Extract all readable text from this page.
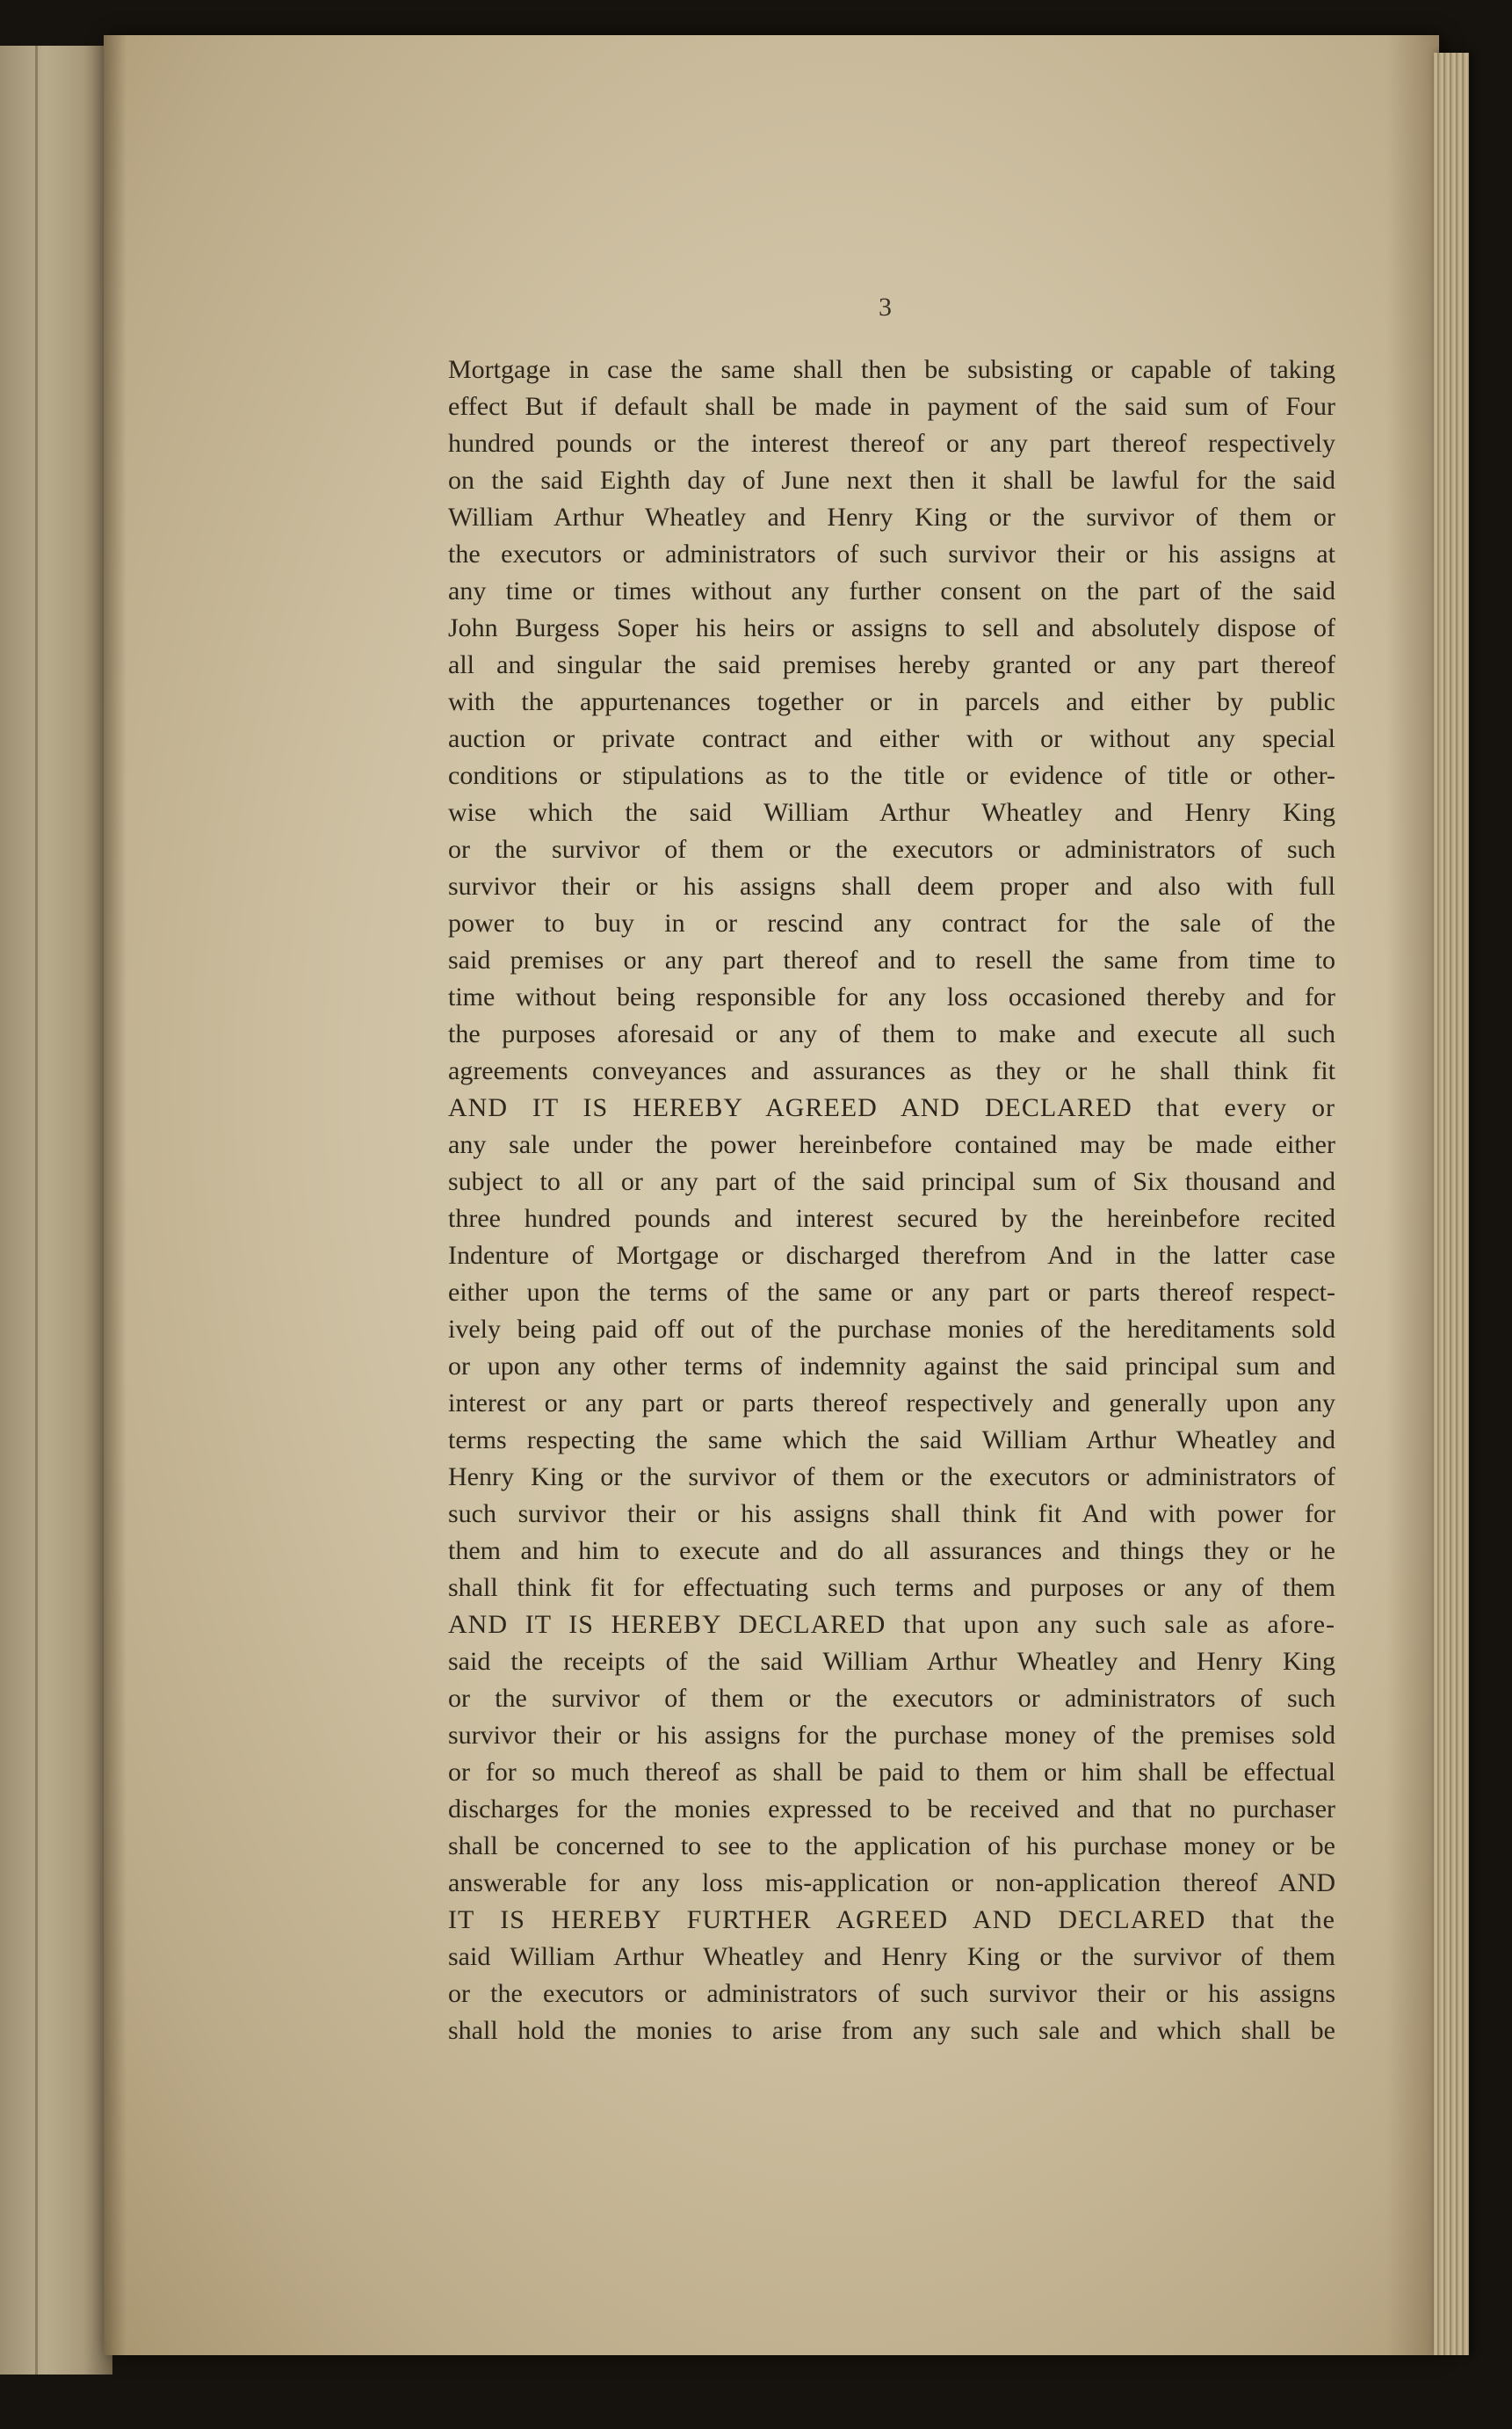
3
Mortgage in case the same shall then be subsisting or capable of taking
effect But if default shall be made in payment of the said sum of Four
hundred pounds or the interest thereof or any part thereof respectively
on the said Eighth day of June next then it shall be lawful for the said
William Arthur Wheatley and Henry King or the survivor of them or
the executors or administrators of such survivor their or his assigns at
any time or times without any further consent on the part of the said
John Burgess Soper his heirs or assigns to sell and absolutely dispose of
all and singular the said premises hereby granted or any part thereof
with the appurtenances together or in parcels and either by public
auction or private contract and either with or without any special
conditions or stipulations as to the title or evidence of title or other-
wise which the said William Arthur Wheatley and Henry King
or the survivor of them or the executors or administrators of such
survivor their or his assigns shall deem proper and also with full
power to buy in or rescind any contract for the sale of the
said premises or any part thereof and to resell the same from time to
time without being responsible for any loss occasioned thereby and for
the purposes aforesaid or any of them to make and execute all such
agreements conveyances and assurances as they or he shall think fit
AND IT IS HEREBY AGREED AND DECLARED that every or
any sale under the power hereinbefore contained may be made either
subject to all or any part of the said principal sum of Six thousand and
three hundred pounds and interest secured by the hereinbefore recited
Indenture of Mortgage or discharged therefrom And in the latter case
either upon the terms of the same or any part or parts thereof respect-
ively being paid off out of the purchase monies of the hereditaments sold
or upon any other terms of indemnity against the said principal sum and
interest or any part or parts thereof respectively and generally upon any
terms respecting the same which the said William Arthur Wheatley and
Henry King or the survivor of them or the executors or administrators of
such survivor their or his assigns shall think fit And with power for
them and him to execute and do all assurances and things they or he
shall think fit for effectuating such terms and purposes or any of them
AND IT IS HEREBY DECLARED that upon any such sale as afore-
said the receipts of the said William Arthur Wheatley and Henry King
or the survivor of them or the executors or administrators of such
survivor their or his assigns for the purchase money of the premises sold
or for so much thereof as shall be paid to them or him shall be effectual
discharges for the monies expressed to be received and that no purchaser
shall be concerned to see to the application of his purchase money or be
answerable for any loss mis-application or non-application thereof AND
IT IS HEREBY FURTHER AGREED AND DECLARED that the
said William Arthur Wheatley and Henry King or the survivor of them
or the executors or administrators of such survivor their or his assigns
shall hold the monies to arise from any such sale and which shall be
